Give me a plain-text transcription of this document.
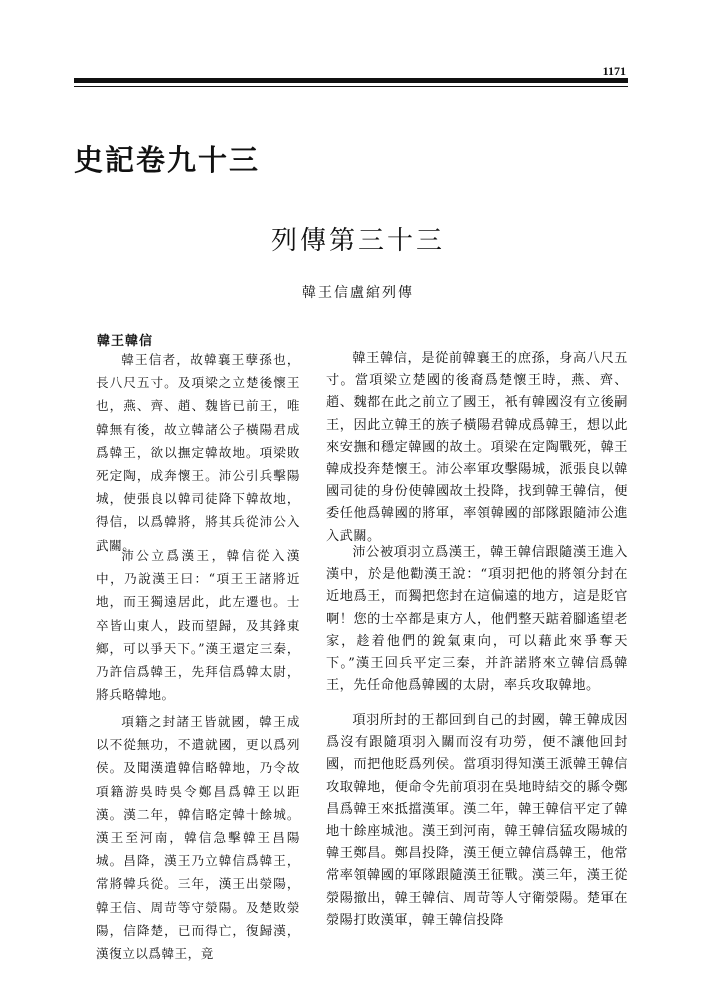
1171
史記卷九十三
列傳第三十三
韓王信盧綰列傳
韓王韓信

韓王信者，故韓襄王孽孫也，長八尺五寸。及項梁之立楚後懷王也，燕、齊、趙、魏皆已前王，唯韓無有後，故立韓諸公子橫陽君成爲韓王，欲以撫定韓故地。項梁敗死定陶，成奔懷王。沛公引兵擊陽城，使張良以韓司徒降下韓故地，得信，以爲韓將，將其兵從沛公入武關。

沛公立爲漢王，韓信從入漢中，乃說漢王曰：“項王王諸將近地，而王獨遠居此，此左遷也。士卒皆山東人，跂而望歸，及其鋒東鄉，可以爭天下。”漢王還定三秦，乃許信爲韓王，先拜信爲韓太尉，將兵略韓地。

項籍之封諸王皆就國，韓王成以不從無功，不遣就國，更以爲列侯。及聞漢遣韓信略韓地，乃令故項籍游吳時吳令鄭昌爲韓王以距漢。漢二年，韓信略定韓十餘城。漢王至河南，韓信急擊韓王昌陽城。昌降，漢王乃立韓信爲韓王，常將韓兵從。三年，漢王出滎陽，韓王信、周苛等守滎陽。及楚敗滎陽，信降楚，已而得亡，復歸漢，漢復立以爲韓王，竟

韓王韓信，是從前韓襄王的庶孫，身高八尺五寸。當項梁立楚國的後裔爲楚懷王時，燕、齊、趙、魏都在此之前立了國王，衹有韓國沒有立後嗣王，因此立韓王的族子橫陽君韓成爲韓王，想以此來安撫和穩定韓國的故土。項梁在定陶戰死，韓王韓成投奔楚懷王。沛公率軍攻擊陽城，派張良以韓國司徒的身份使韓國故土投降，找到韓王韓信，便委任他爲韓國的將軍，率領韓國的部隊跟隨沛公進入武關。

沛公被項羽立爲漢王，韓王韓信跟隨漢王進入漢中，於是他勸漢王說：“項羽把他的將領分封在近地爲王，而獨把您封在這偏遠的地方，這是貶官啊！您的士卒都是東方人，他們整天踮着腳遙望老家，趁着他們的銳氣東向，可以藉此來爭奪天下。”漢王回兵平定三秦，并許諾將來立韓信爲韓王，先任命他爲韓國的太尉，率兵攻取韓地。

項羽所封的王都回到自己的封國，韓王韓成因爲沒有跟隨項羽入關而沒有功勞，便不讓他回封國，而把他貶爲列侯。當項羽得知漢王派韓王韓信攻取韓地，便命令先前項羽在吳地時結交的縣令鄭昌爲韓王來抵擋漢軍。漢二年，韓王韓信平定了韓地十餘座城池。漢王到河南，韓王韓信猛攻陽城的韓王鄭昌。鄭昌投降，漢王便立韓信爲韓王，他常常率領韓國的軍隊跟隨漢王征戰。漢三年，漢王從滎陽撤出，韓王韓信、周苛等人守衛滎陽。楚軍在滎陽打敗漢軍，韓王韓信投降
